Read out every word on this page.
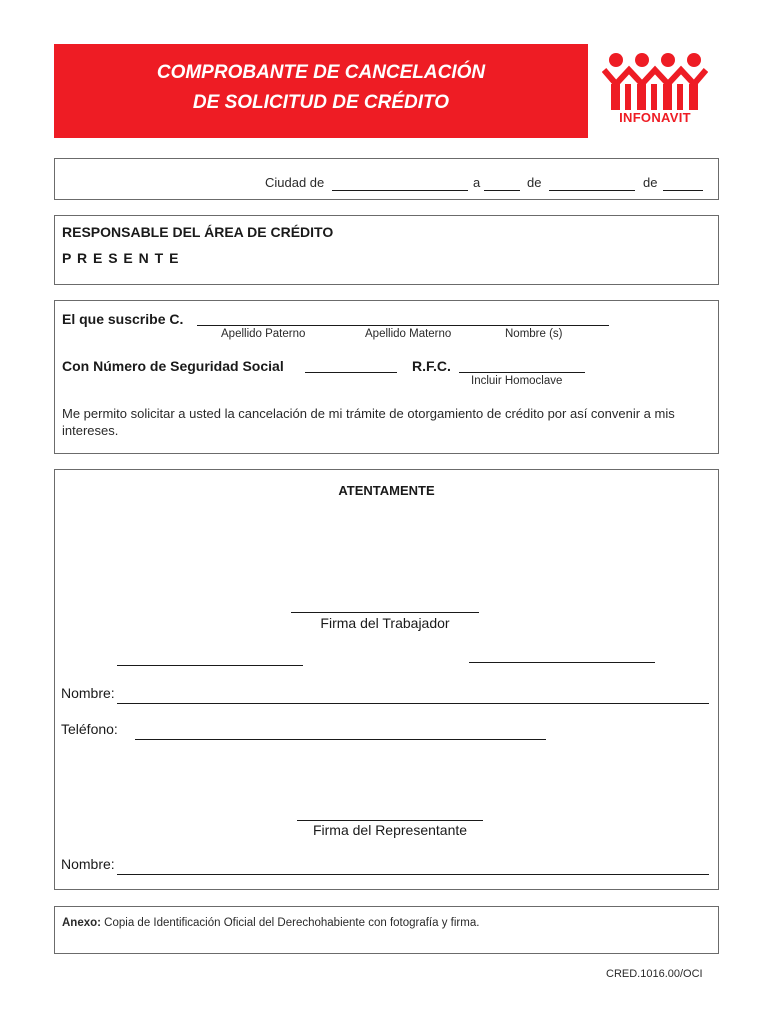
COMPROBANTE DE CANCELACIÓN
DE SOLICITUD DE CRÉDITO
INFONAVIT
Ciudad de	a	de	de
RESPONSABLE DEL ÁREA DE CRÉDITO
P R E S E N T E
El que suscribe C.
Apellido Paterno	Apellido Materno	Nombre (s)
Con Número de Seguridad Social	R.F.C.
Incluir Homoclave
Me permito solicitar a usted la cancelación de mi trámite de otorgamiento de crédito por así convenir a mis intereses.
ATENTAMENTE
Firma del Trabajador
Nombre:
Teléfono:
Firma del Representante
Nombre:
Anexo: Copia de Identificación Oficial del Derechohabiente con fotografía y firma.
CRED.1016.00/OCI
